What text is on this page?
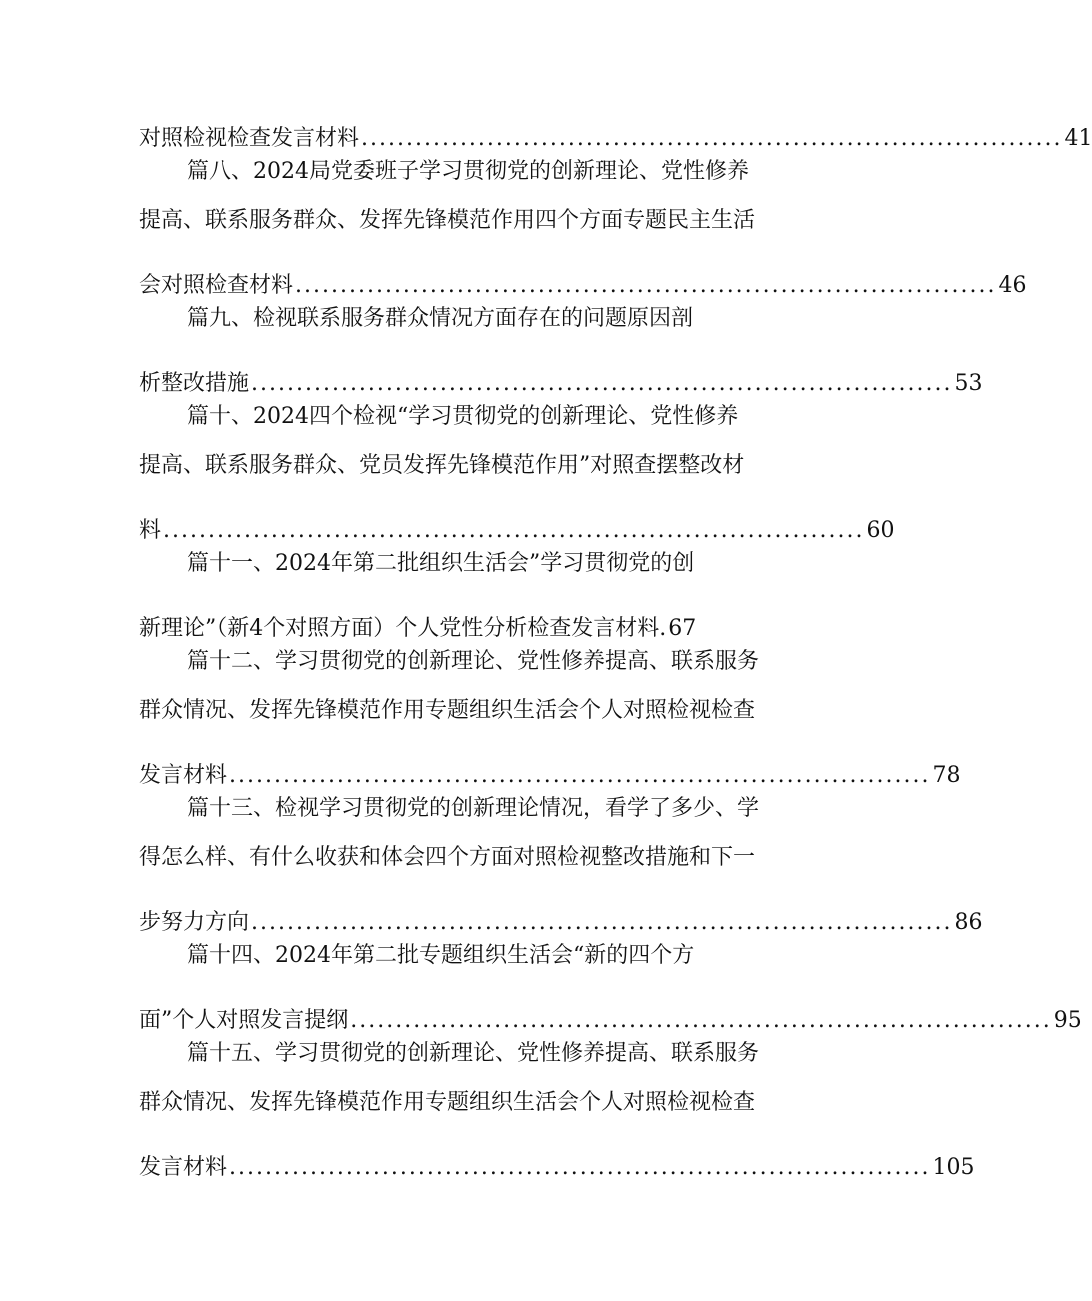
对照检视检查发言材料 .............................................................................. 41
篇八、2024局党委班子学习贯彻党的创新理论、党性修养
提高、联系服务群众、发挥先锋模范作用四个方面专题民主生活
会对照检查材料 .............................................................................. 46
篇九、检视联系服务群众情况方面存在的问题原因剖
析整改措施 .............................................................................. 53
篇十、2024四个检视“学习贯彻党的创新理论、党性修养
提高、联系服务群众、党员发挥先锋模范作用”对照查摆整改材
料 .............................................................................. 60
篇十一、2024年第二批组织生活会”学习贯彻党的创
新理论”（新4个对照方面）个人党性分析检查发言材料. 67
篇十二、学习贯彻党的创新理论、党性修养提高、联系服务
群众情况、发挥先锋模范作用专题组织生活会个人对照检视检查
发言材料 .............................................................................. 78
篇十三、检视学习贯彻党的创新理论情况，看学了多少、学
得怎么样、有什么收获和体会四个方面对照检视整改措施和下一
步努力方向 .............................................................................. 86
篇十四、2024年第二批专题组织生活会“新的四个方
面”个人对照发言提纲 .............................................................................. 95
篇十五、学习贯彻党的创新理论、党性修养提高、联系服务
群众情况、发挥先锋模范作用专题组织生活会个人对照检视检查
发言材料 .............................................................................. 105
